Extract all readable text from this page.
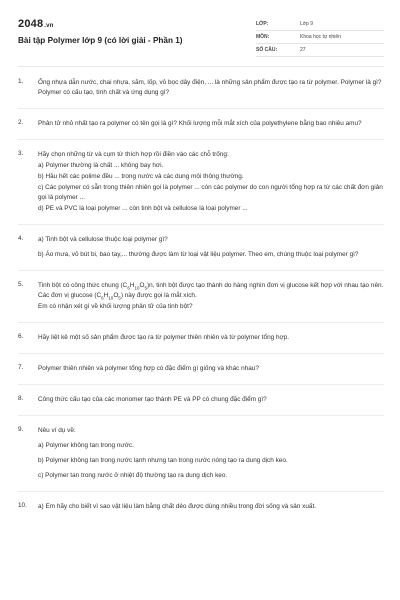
2048.vn
Bài tập Polymer lớp 9 (có lời giải - Phần 1)
LỚP:	Lớp 9
MÔN:	Khoa học tự nhiên
SỐ CÂU:	27
1. Ống nhựa dẫn nước, chai nhựa, săm, lốp, vỏ bọc dây điện, ... là những sản phẩm được tạo ra từ polymer. Polymer là gì? Polymer có cấu tạo, tính chất và ứng dụng gì?

2. Phân tử nhỏ nhất tạo ra polymer có tên gọi là gì? Khối lượng mỗi mắt xích của polyethylene bằng bao nhiêu amu?

3. Hãy chọn những từ và cụm từ thích hợp rồi điền vào các chỗ trống:

a) Polymer thường là chất ... không bay hơi.

b) Hầu hết các polime đều ... trong nước và các dung môi thông thường.

c) Các polymer có sẵn trong thiên nhiên gọi là polymer ... còn các polymer do con người tổng hợp ra từ các chất đơn giản gọi là polymer ...

d) PE và PVC là loại polymer ... còn tinh bột và cellulose là loại polymer ...

4. a) Tinh bột và cellulose thuộc loại polymer gì?

b) Áo mưa, vỏ bút bi, bao tay,... thường được làm từ loại vật liệu polymer. Theo em, chúng thuộc loại polymer gì?

5. Tinh bột có công thức chung $(C_6H_{10}O_5)n$, tinh bột được tạo thành do hàng nghìn đơn vị glucose kết hợp với nhau tạo nên. Các đơn vị glucose $(C_6H_{10}O_5)$ này được gọi là mắt xích.

Em có nhận xét gì về khối lượng phân tử của tinh bột?

6. Hãy liệt kê một số sản phẩm được tạo ra từ polymer thiên nhiên và từ polymer tổng hợp.

7. Polymer thiên nhiên và polymer tổng hợp có đặc điểm gì giống và khác nhau?

8. Công thức cấu tạo của các monomer tạo thành PE và PP có chung đặc điểm gì?

9. Nêu ví dụ về:

a) Polymer không tan trong nước.

b) Polymer không tan trong nước lạnh nhưng tan trong nước nóng tạo ra dung dịch keo.

c) Polymer tan trong nước ở nhiệt độ thường tạo ra dung dịch keo.

10. a) Em hãy cho biết vì sao vật liệu làm bằng chất dẻo được dùng nhiều trong đời sống và sản xuất.
